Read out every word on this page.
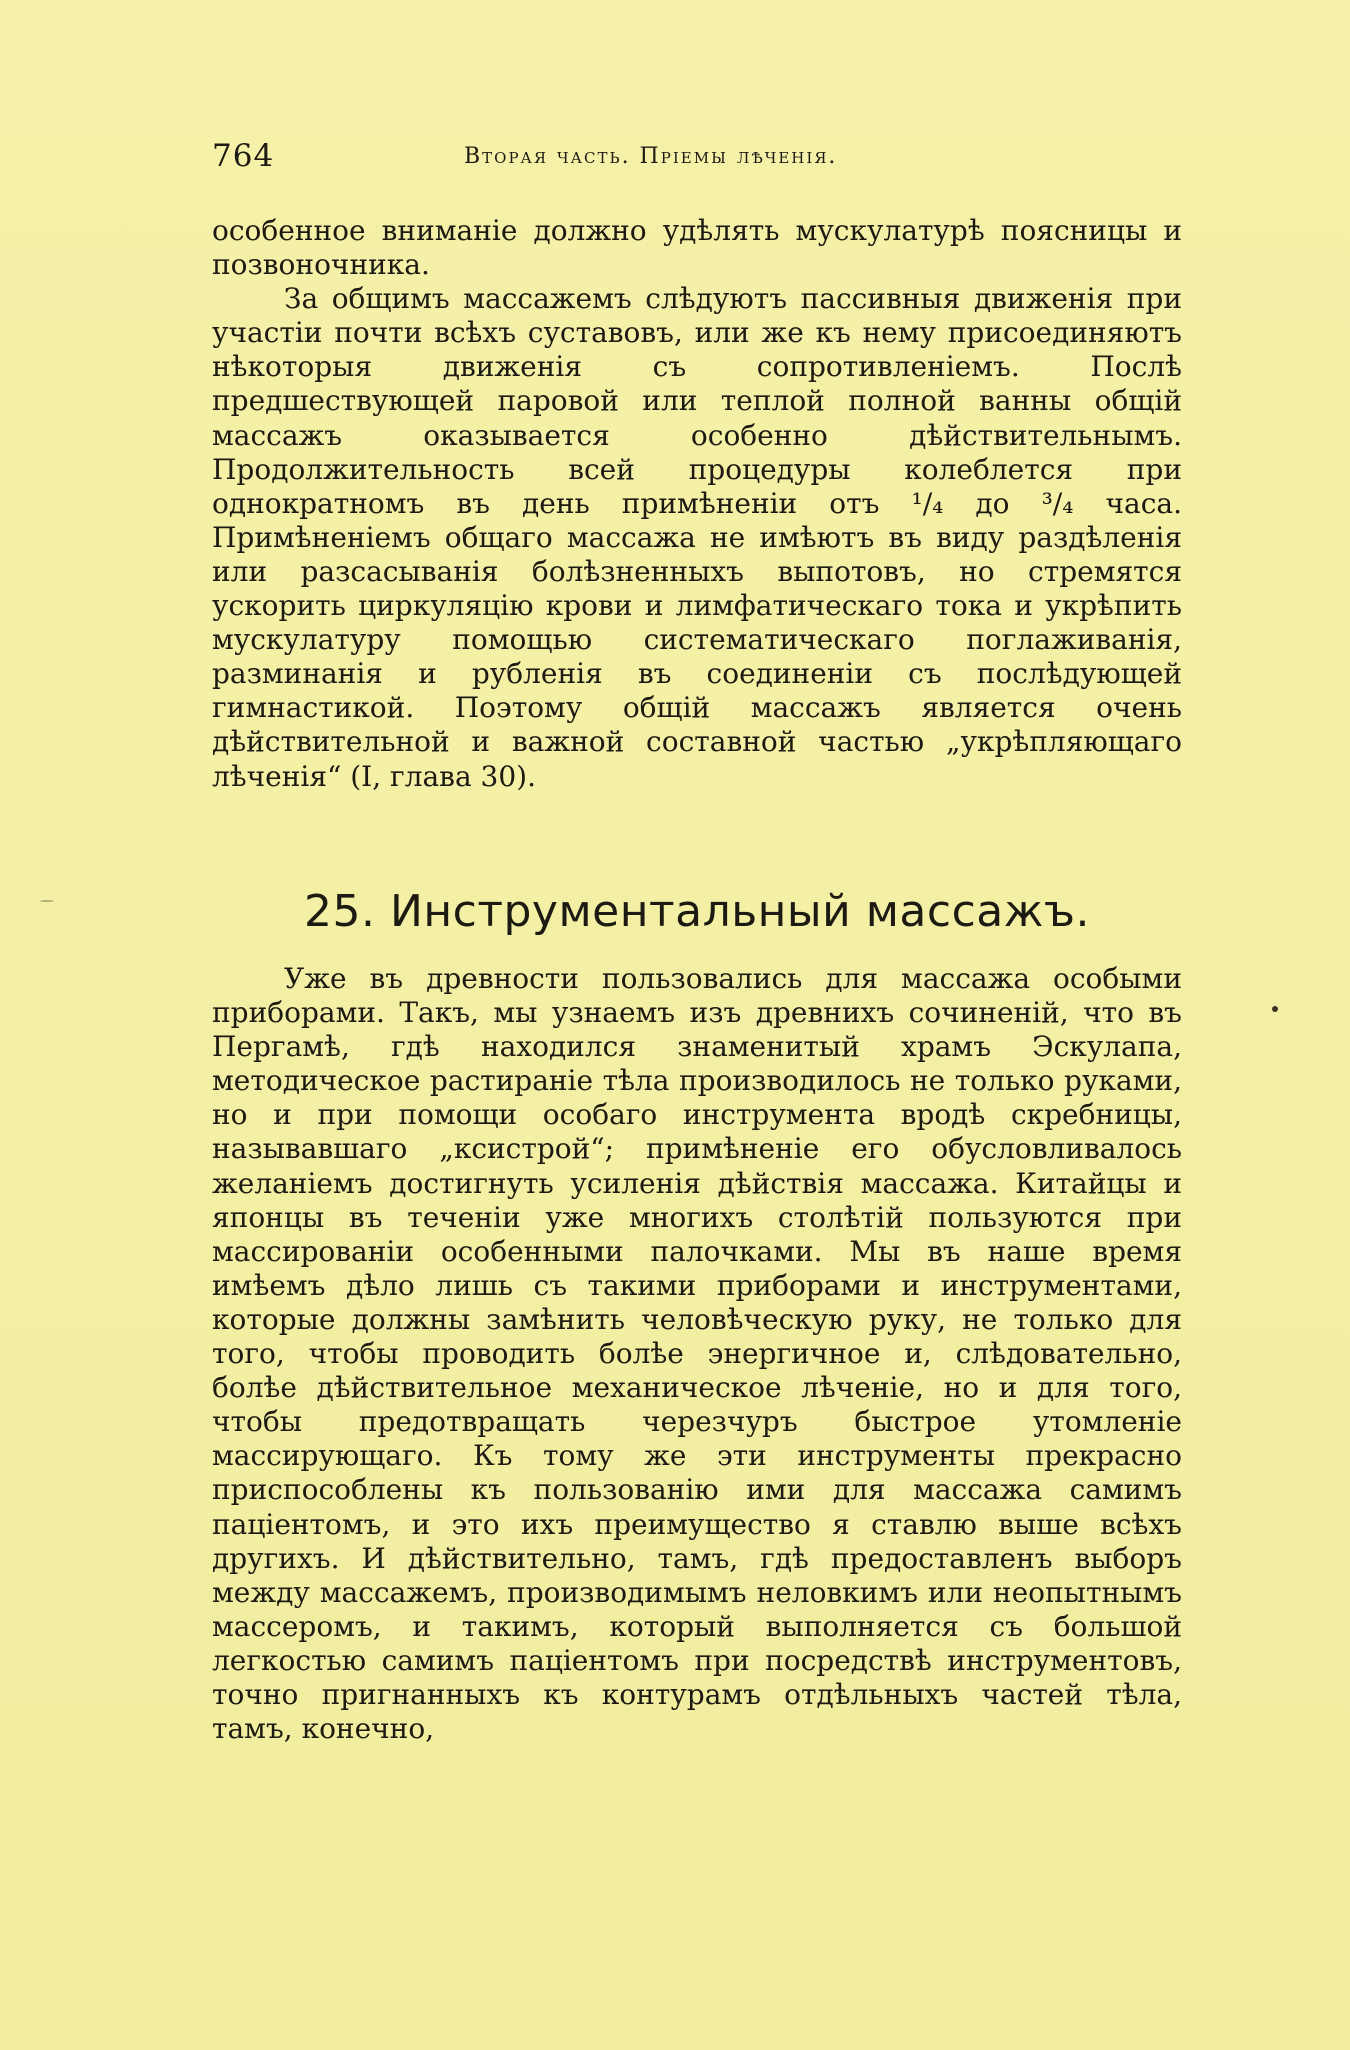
764	Вторая часть. Пріемы лѣченія.

особенное вниманіе должно удѣлять мускулатурѣ поясницы и позвоночника.

За общимъ массажемъ слѣдуютъ пассивныя движенія при участіи почти всѣхъ суставовъ, или же къ нему присоединяютъ нѣкоторыя движенія съ сопротивленіемъ. Послѣ предшествующей паровой или теплой полной ванны общій массажъ оказывается особенно дѣйствительнымъ. Продолжительность всей процедуры колеблется при однократномъ въ день примѣненіи отъ ¹/₄ до ³/₄ часа. Примѣненіемъ общаго массажа не имѣютъ въ виду раздѣленія или разсасыванія болѣзненныхъ выпотовъ, но стремятся ускорить циркуляцію крови и лимфатическаго тока и укрѣпить мускулатуру помощью систематическаго поглаживанія, разминанія и рубленія въ соединеніи съ послѣдующей гимнастикой. Поэтому общій массажъ является очень дѣйствительной и важной составной частью „укрѣпляющаго лѣченія“ (I, глава 30).

25. Инструментальный массажъ.

Уже въ древности пользовались для массажа особыми приборами. Такъ, мы узнаемъ изъ древнихъ сочиненій, что въ Пергамѣ, гдѣ находился знаменитый храмъ Эскулапа, методическое растираніе тѣла производилось не только руками, но и при помощи особаго инструмента вродѣ скребницы, называвшаго „ксистрой“; примѣненіе его обусловливалось желаніемъ достигнуть усиленія дѣйствія массажа. Китайцы и японцы въ теченіи уже многихъ столѣтій пользуются при массированіи особенными палочками. Мы въ наше время имѣемъ дѣло лишь съ такими приборами и инструментами, которые должны замѣнить человѣческую руку, не только для того, чтобы проводить болѣе энергичное и, слѣдовательно, болѣе дѣйствительное механическое лѣченіе, но и для того, чтобы предотвращать черезчуръ быстрое утомленіе массирующаго. Къ тому же эти инструменты прекрасно приспособлены къ пользованію ими для массажа самимъ паціентомъ, и это ихъ преимущество я ставлю выше всѣхъ другихъ. И дѣйствительно, тамъ, гдѣ предоставленъ выборъ между массажемъ, производимымъ неловкимъ или неопытнымъ массеромъ, и такимъ, который выполняется съ большой легкостью самимъ паціентомъ при посредствѣ инструментовъ, точно пригнанныхъ къ контурамъ отдѣльныхъ частей тѣла, тамъ, конечно,
